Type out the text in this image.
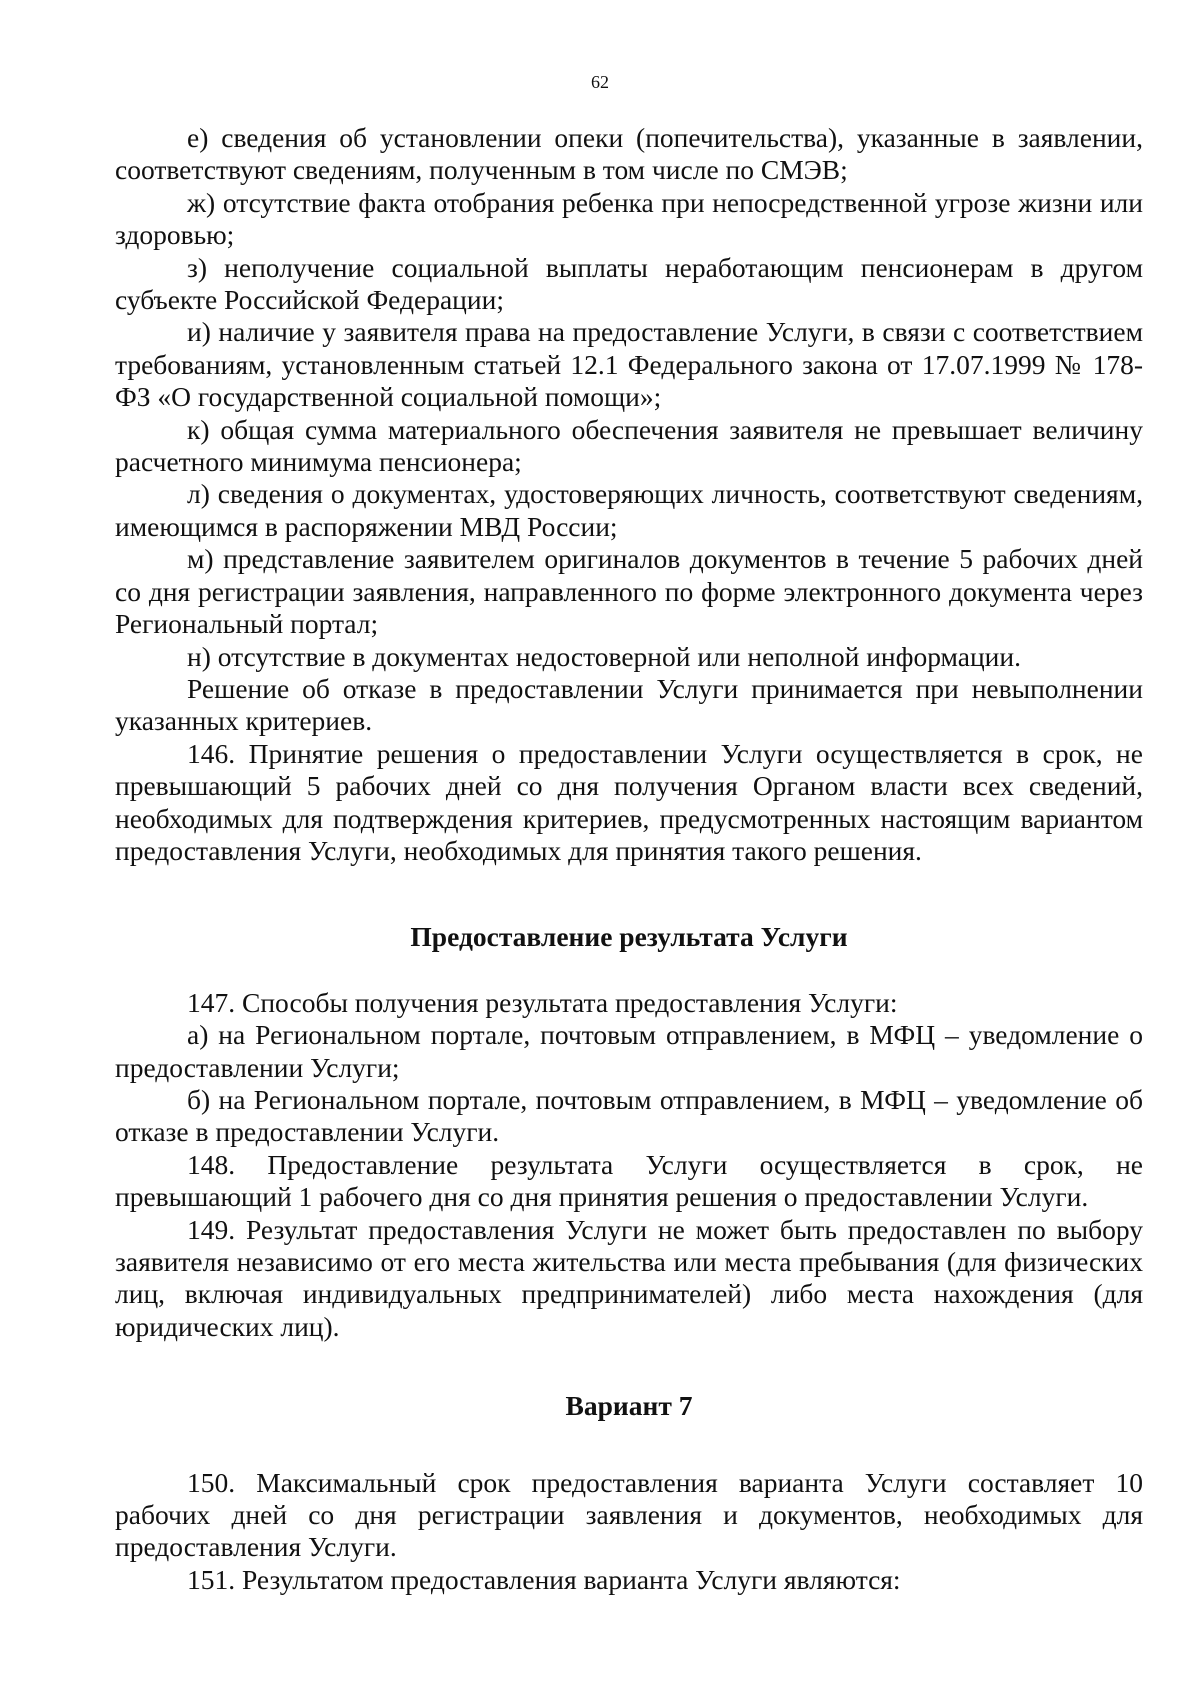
62

е) сведения об установлении опеки (попечительства), указанные в заявлении, соответствуют сведениям, полученным в том числе по СМЭВ;

ж) отсутствие факта отобрания ребенка при непосредственной угрозе жизни или здоровью;

з) неполучение социальной выплаты неработающим пенсионерам в другом субъекте Российской Федерации;

и) наличие у заявителя права на предоставление Услуги, в связи с соответствием требованиям, установленным статьей 12.1 Федерального закона от 17.07.1999 № 178-ФЗ «О государственной социальной помощи»;

к) общая сумма материального обеспечения заявителя не превышает величину расчетного минимума пенсионера;

л) сведения о документах, удостоверяющих личность, соответствуют сведениям, имеющимся в распоряжении МВД России;

м) представление заявителем оригиналов документов в течение 5 рабочих дней со дня регистрации заявления, направленного по форме электронного документа через Региональный портал;

н) отсутствие в документах недостоверной или неполной информации.

Решение об отказе в предоставлении Услуги принимается при невыполнении указанных критериев.

146. Принятие решения о предоставлении Услуги осуществляется в срок, не превышающий 5 рабочих дней со дня получения Органом власти всех сведений, необходимых для подтверждения критериев, предусмотренных настоящим вариантом предоставления Услуги, необходимых для принятия такого решения.

Предоставление результата Услуги

147. Способы получения результата предоставления Услуги:

а) на Региональном портале, почтовым отправлением, в МФЦ – уведомление о предоставлении Услуги;

б) на Региональном портале, почтовым отправлением, в МФЦ – уведомление об отказе в предоставлении Услуги.

148. Предоставление результата Услуги осуществляется в срок, не превышающий 1 рабочего дня со дня принятия решения о предоставлении Услуги.

149. Результат предоставления Услуги не может быть предоставлен по выбору заявителя независимо от его места жительства или места пребывания (для физических лиц, включая индивидуальных предпринимателей) либо места нахождения (для юридических лиц).

Вариант 7

150. Максимальный срок предоставления варианта Услуги составляет 10 рабочих дней со дня регистрации заявления и документов, необходимых для предоставления Услуги.

151. Результатом предоставления варианта Услуги являются:
